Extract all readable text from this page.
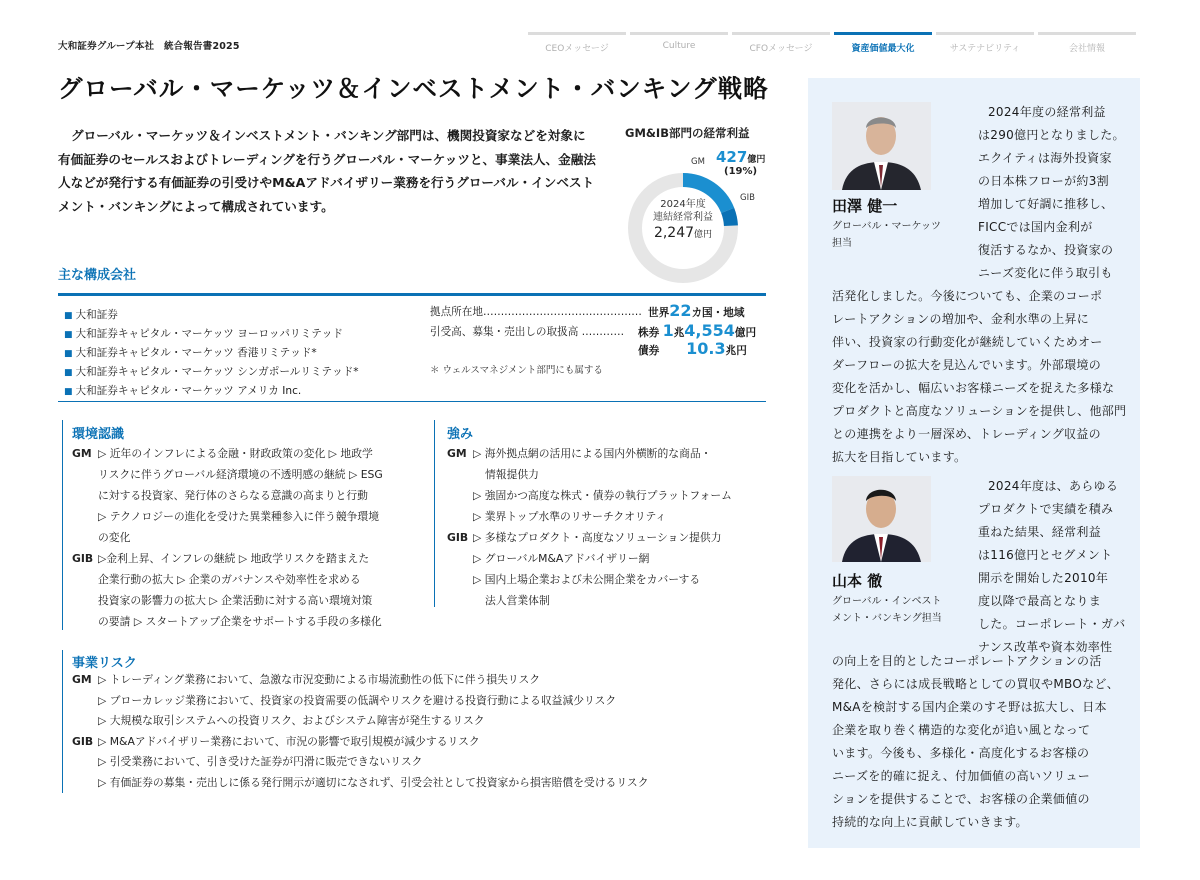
大和証券グループ本社　統合報告書2025	CEOメッセージ	Culture	CFOメッセージ	資産価値最大化	サステナビリティ	会社情報
グローバル・マーケッツ＆インベストメント・バンキング戦略
グローバル・マーケッツ＆インベストメント・バンキング部門は、機関投資家などを対象に有価証券のセールスおよびトレーディングを行うグローバル・マーケッツと、事業法人、金融法人などが発行する有価証券の引受けやM&Aアドバイザリー業務を行うグローバル・インベストメント・バンキングによって構成されています。
GM&IB部門の経常利益
2024年度
連結経常利益
2,247億円
GM 427億円
(19%)
GIB
主な構成会社
■ 大和証券
■ 大和証券キャピタル・マーケッツ ヨーロッパリミテッド
■ 大和証券キャピタル・マーケッツ 香港リミテッド*
■ 大和証券キャピタル・マーケッツ シンガポールリミテッド*
■ 大和証券キャピタル・マーケッツ アメリカ Inc.
拠点所在地……………………………………… 世界22カ国・地域
引受高、募集・売出しの取扱高 ………… 株券 1兆4,554億円
債券 10.3兆円
＊ ウェルスマネジメント部門にも属する
環境認識
GM ▷ 近年のインフレによる金融・財政政策の変化 ▷ 地政学
リスクに伴うグローバル経済環境の不透明感の継続 ▷ ESG
に対する投資家、発行体のさらなる意識の高まりと行動
▷ テクノロジーの進化を受けた異業種参入に伴う競争環境
の変化
GIB ▷金利上昇、インフレの継続 ▷ 地政学リスクを踏まえた
企業行動の拡大 ▷ 企業のガバナンスや効率性を求める
投資家の影響力の拡大 ▷ 企業活動に対する高い環境対策
の要請 ▷ スタートアップ企業をサポートする手段の多様化
強み
GM ▷ 海外拠点網の活用による国内外横断的な商品・
情報提供力
▷ 強固かつ高度な株式・債券の執行プラットフォーム
▷ 業界トップ水準のリサーチクオリティ
GIB ▷ 多様なプロダクト・高度なソリューション提供力
▷ グローバルM&Aアドバイザリー網
▷ 国内上場企業および未公開企業をカバーする
法人営業体制
事業リスク
GM ▷ トレーディング業務において、急激な市況変動による市場流動性の低下に伴う損失リスク
▷ ブローカレッジ業務において、投資家の投資需要の低調やリスクを避ける投資行動による収益減少リスク
▷ 大規模な取引システムへの投資リスク、およびシステム障害が発生するリスク
GIB ▷ M&Aアドバイザリー業務において、市況の影響で取引規模が減少するリスク
▷ 引受業務において、引き受けた証券が円滑に販売できないリスク
▷ 有価証券の募集・売出しに係る発行開示が適切になされず、引受会社として投資家から損害賠償を受けるリスク
2024年度の経常利益
は290億円となりました。
エクイティは海外投資家
の日本株フローが約3割
増加して好調に推移し、
FICCでは国内金利が
復活するなか、投資家の
ニーズ変化に伴う取引も
田澤 健一
グローバル・マーケッツ
担当
活発化しました。今後についても、企業のコーポ
レートアクションの増加や、金利水準の上昇に
伴い、投資家の行動変化が継続していくためオー
ダーフローの拡大を見込んでいます。外部環境の
変化を活かし、幅広いお客様ニーズを捉えた多様な
プロダクトと高度なソリューションを提供し、他部門
との連携をより一層深め、トレーディング収益の
拡大を目指しています。
2024年度は、あらゆる
プロダクトで実績を積み
重ねた結果、経常利益
は116億円とセグメント
開示を開始した2010年
度以降で最高となりま
した。コーポレート・ガバ
ナンス改革や資本効率性
山本 徹
グローバル・インベスト
メント・バンキング担当
の向上を目的としたコーポレートアクションの活
発化、さらには成長戦略としての買収やMBOなど、
M&Aを検討する国内企業のすそ野は拡大し、日本
企業を取り巻く構造的な変化が追い風となって
います。今後も、多様化・高度化するお客様の
ニーズを的確に捉え、付加価値の高いソリュー
ションを提供することで、お客様の企業価値の
持続的な向上に貢献していきます。
